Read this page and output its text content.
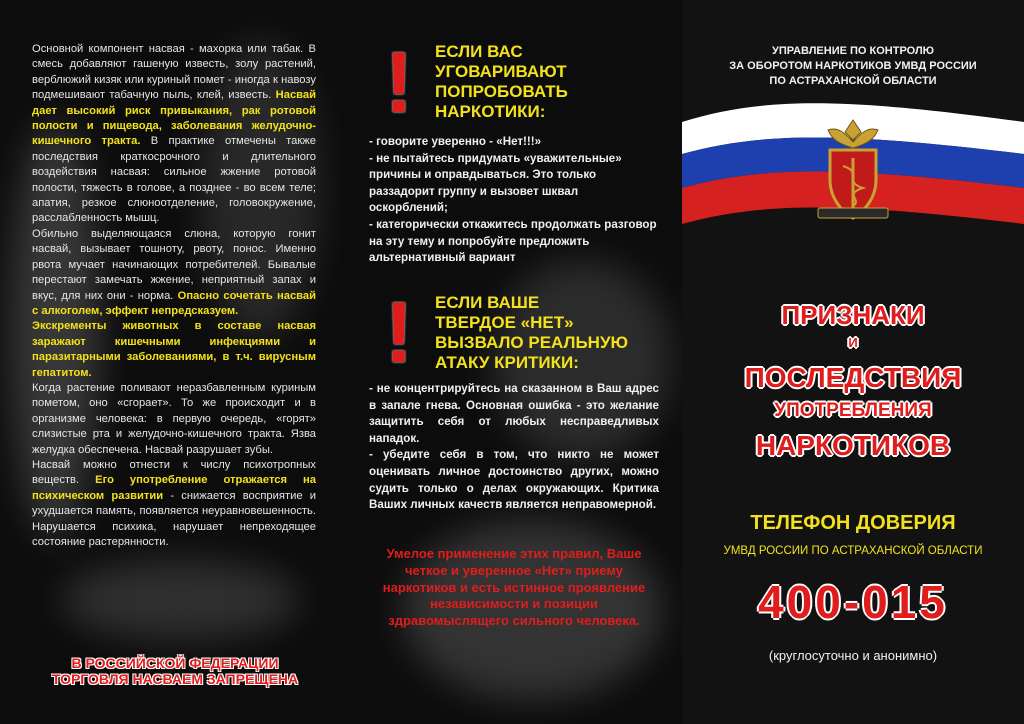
Основной компонент насвая - махорка или табак. В смесь добавляют гашеную известь, золу растений, верблюжий кизяк или куриный помет - иногда к навозу подмешивают табачную пыль, клей, известь. Насвай дает высокий риск привыкания, рак ротовой полости и пищевода, заболевания желудочно-кишечного тракта. В практике отмечены также последствия краткосрочного и длительного воздействия насвая: сильное жжение ротовой полости, тяжесть в голове, а позднее - во всем теле; апатия, резкое слюноотделение, головокружение, расслабленность мышц.

Обильно выделяющаяся слюна, которую гонит насвай, вызывает тошноту, рвоту, понос. Именно рвота мучает начинающих потребителей. Бывалые перестают замечать жжение, неприятный запах и вкус, для них они - норма. Опасно сочетать насвай с алкоголем, эффект непредсказуем.

Экскременты животных в составе насвая заражают кишечными инфекциями и паразитарными заболеваниями, в т.ч. вирусным гепатитом.

Когда растение поливают неразбавленным куриным пометом, оно «сгорает». То же происходит и в организме человека: в первую очередь, «горят» слизистые рта и желудочно-кишечного тракта. Язва желудка обеспечена. Насвай разрушает зубы.

Насвай можно отнести к числу психотропных веществ. Его употребление отражается на психическом развитии - снижается восприятие и ухудшается память, появляется неуравновешенность. Нарушается психика, нарушает непреходящее состояние растерянности.

В РОССИЙСКОЙ ФЕДЕРАЦИИ
ТОРГОВЛЯ НАСВАЕМ ЗАПРЕЩЕНА
! ЕСЛИ ВАС
УГОВАРИВАЮТ
ПОПРОБОВАТЬ
НАРКОТИКИ:

- говорите уверенно - «Нет!!!»

- не пытайтесь придумать «уважительные» причины и оправдываться. Это только раззадорит группу и вызовет шквал оскорблений;

- категорически откажитесь продолжать разговор на эту тему и попробуйте предложить альтернативный вариант

! ЕСЛИ ВАШЕ
ТВЕРДОЕ «НЕТ»
ВЫЗВАЛО РЕАЛЬНУЮ
АТАКУ КРИТИКИ:

- не концентрируйтесь на сказанном в Ваш адрес в запале гнева. Основная ошибка - это желание защитить себя от любых несправедливых нападок.

- убедите себя в том, что никто не может оценивать личное достоинство других, можно судить только о делах окружающих. Критика Ваших личных качеств является неправомерной.

Умелое применение этих правил, Ваше четкое и уверенное «Нет» приему наркотиков и есть истинное проявление независимости и позиции здравомыслящего сильного человека.
УПРАВЛЕНИЕ ПО КОНТРОЛЮ
ЗА ОБОРОТОМ НАРКОТИКОВ УМВД РОССИИ
ПО АСТРАХАНСКОЙ ОБЛАСТИ
ПРИЗНАКИ
И
ПОСЛЕДСТВИЯ
УПОТРЕБЛЕНИЯ
НАРКОТИКОВ
ТЕЛЕФОН ДОВЕРИЯ
УМВД РОССИИ ПО АСТРАХАНСКОЙ ОБЛАСТИ
400-015
(круглосуточно и анонимно)
